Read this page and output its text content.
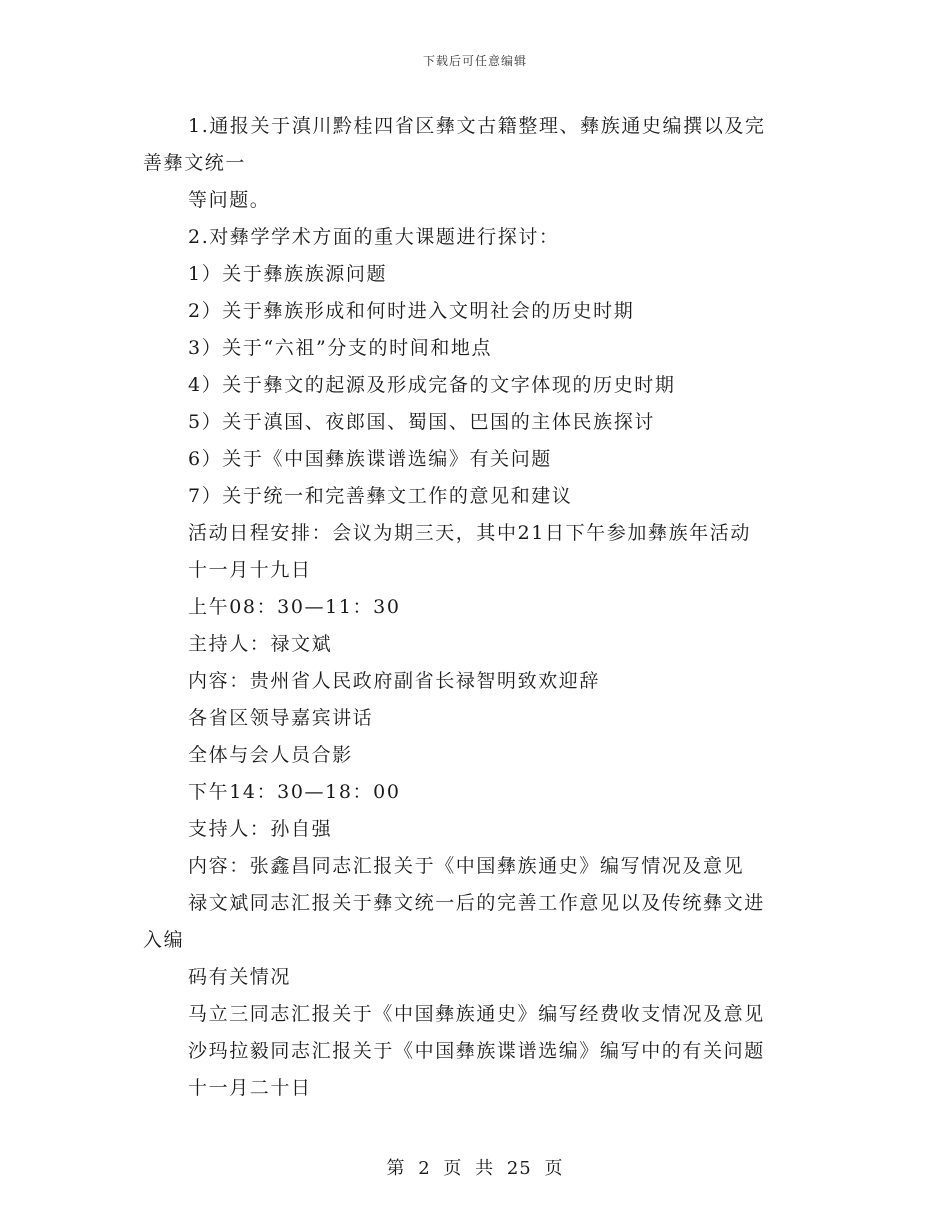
下载后可任意编辑
1.通报关于滇川黔桂四省区彝文古籍整理、彝族通史编撰以及完
善彝文统一
等问题。
2.对彝学学术方面的重大课题进行探讨：
1）关于彝族族源问题
2）关于彝族形成和何时进入文明社会的历史时期
3）关于“六祖”分支的时间和地点
4）关于彝文的起源及形成完备的文字体现的历史时期
5）关于滇国、夜郎国、蜀国、巴国的主体民族探讨
6）关于《中国彝族谍谱选编》有关问题
7）关于统一和完善彝文工作的意见和建议
活动日程安排：会议为期三天，其中21日下午参加彝族年活动
十一月十九日
上午08：30—11：30
主持人：禄文斌
内容：贵州省人民政府副省长禄智明致欢迎辞
各省区领导嘉宾讲话
全体与会人员合影
下午14：30—18：00
支持人：孙自强
内容：张鑫昌同志汇报关于《中国彝族通史》编写情况及意见
禄文斌同志汇报关于彝文统一后的完善工作意见以及传统彝文进
入编
码有关情况
马立三同志汇报关于《中国彝族通史》编写经费收支情况及意见
沙玛拉毅同志汇报关于《中国彝族谍谱选编》编写中的有关问题
十一月二十日
第 2 页 共 25 页
